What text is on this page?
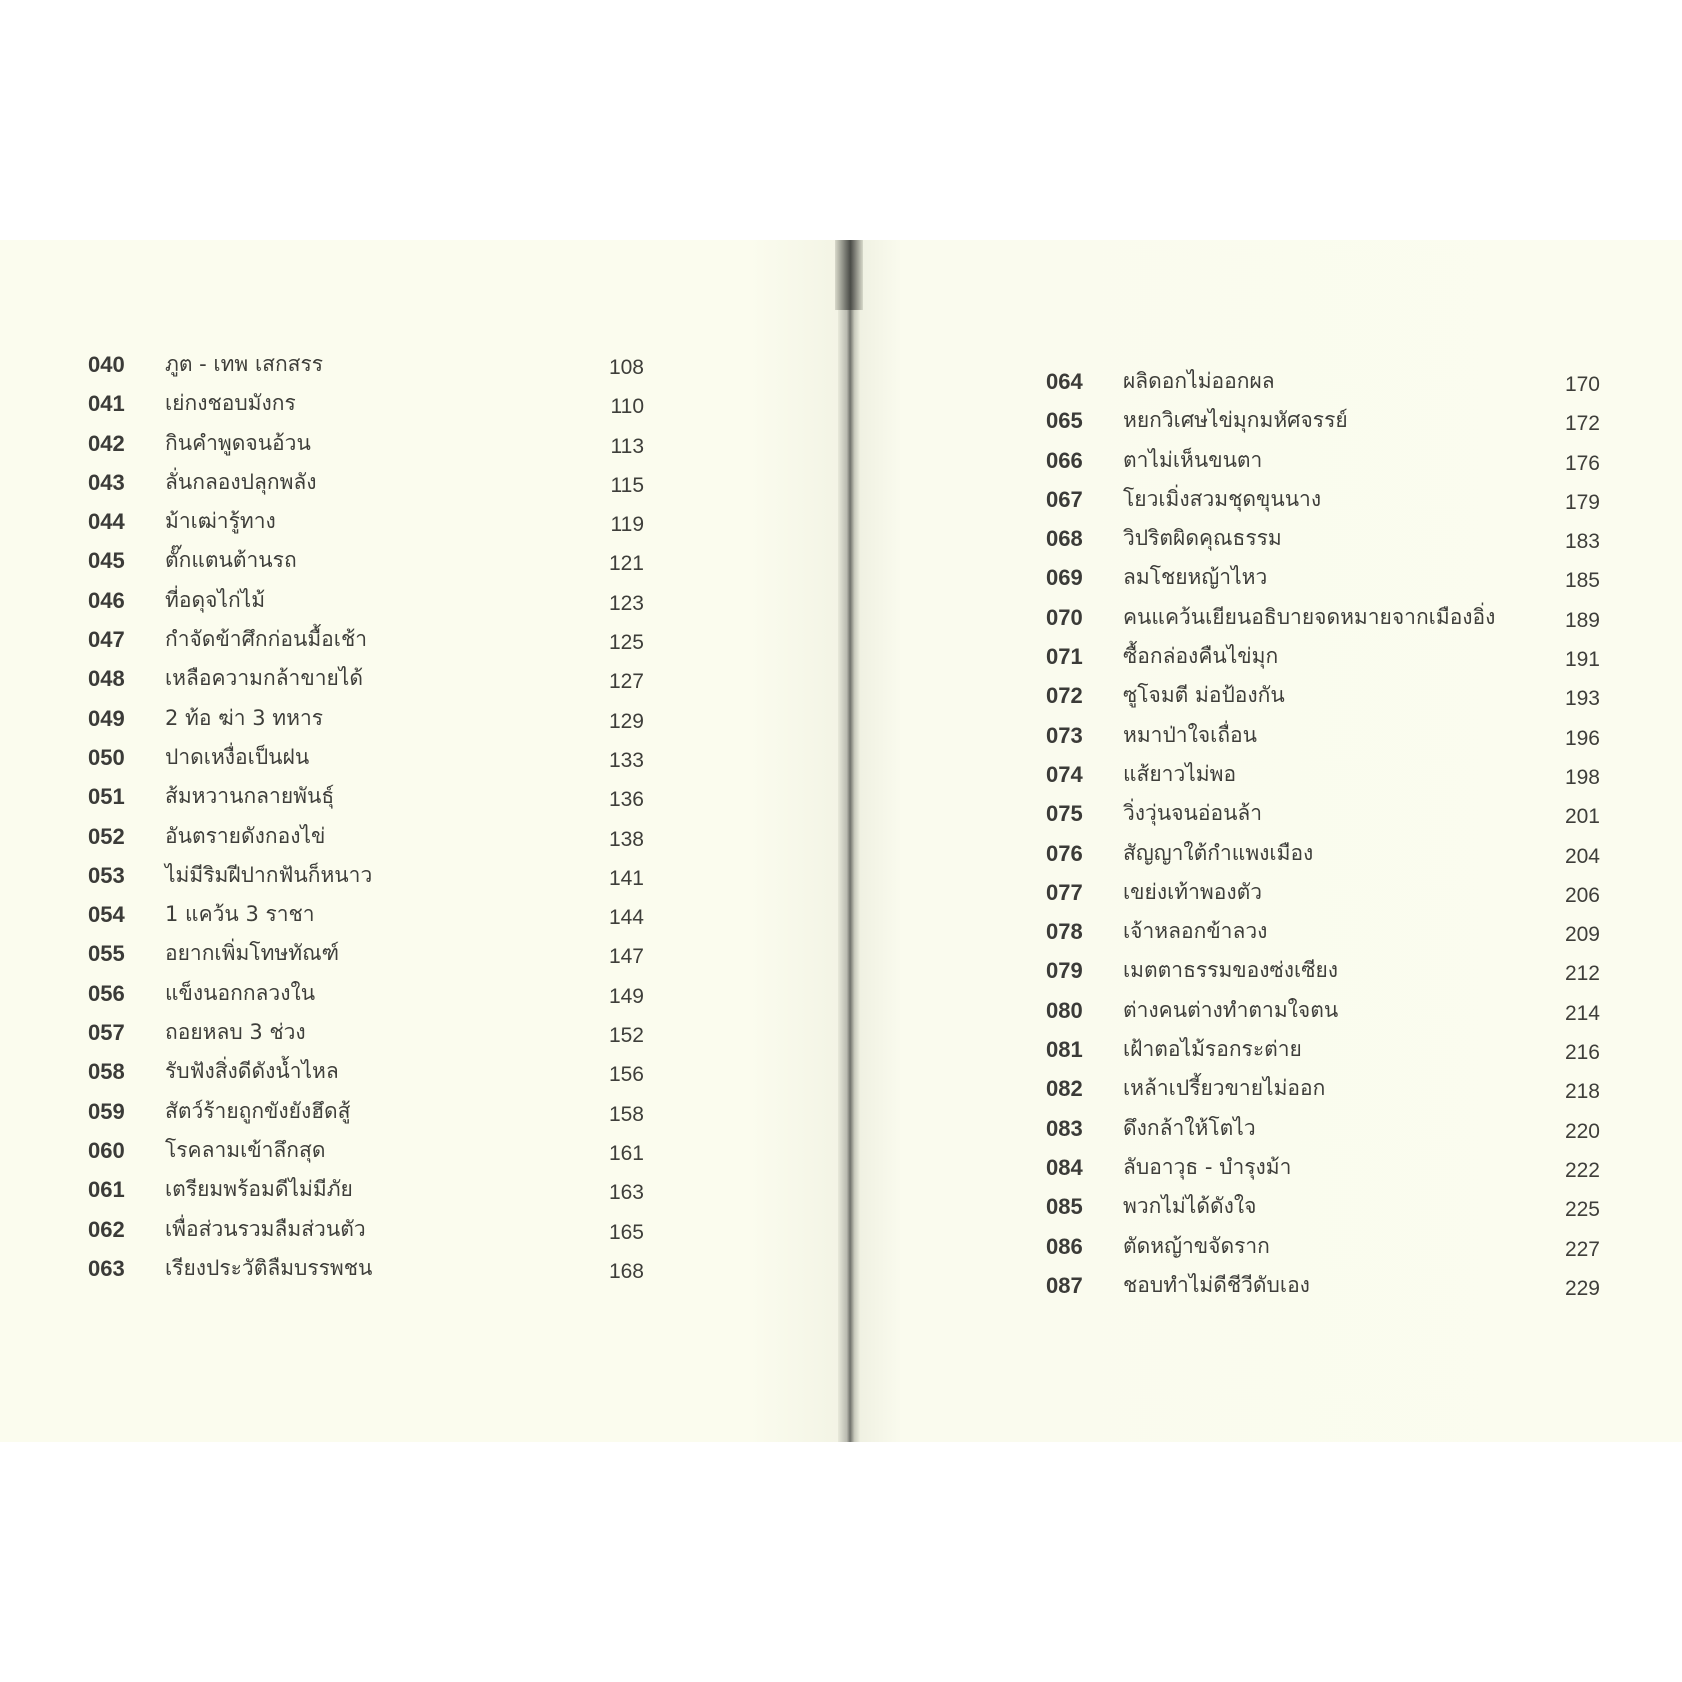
040 ภูต - เทพ เสกสรร	108
041 เย่กงชอบมังกร	110
042 กินคำพูดจนอ้วน	113
043 ลั่นกลองปลุกพลัง	115
044 ม้าเฒ่ารู้ทาง	119
045 ตั๊กแตนต้านรถ	121
046 ที่อดุจไก่ไม้	123
047 กำจัดข้าศึกก่อนมื้อเช้า	125
048 เหลือความกล้าขายได้	127
049 2 ท้อ ฆ่า 3 ทหาร	129
050 ปาดเหงื่อเป็นฝน	133
051 ส้มหวานกลายพันธุ์	136
052 อันตรายดังกองไข่	138
053 ไม่มีริมฝีปากฟันก็หนาว	141
054 1 แคว้น 3 ราชา	144
055 อยากเพิ่มโทษทัณฑ์	147
056 แข็งนอกกลวงใน	149
057 ถอยหลบ 3 ช่วง	152
058 รับฟังสิ่งดีดังน้ำไหล	156
059 สัตว์ร้ายถูกขังยังฮึดสู้	158
060 โรคลามเข้าลึกสุด	161
061 เตรียมพร้อมดีไม่มีภัย	163
062 เพื่อส่วนรวมลืมส่วนตัว	165
063 เรียงประวัติลืมบรรพชน	168
064 ผลิดอกไม่ออกผล	170
065 หยกวิเศษไข่มุกมหัศจรรย์	172
066 ตาไม่เห็นขนตา	176
067 โยวเมิ่งสวมชุดขุนนาง	179
068 วิปริตผิดคุณธรรม	183
069 ลมโชยหญ้าไหว	185
070 คนแคว้นเยียนอธิบายจดหมายจากเมืองอิ่ง	189
071 ซื้อกล่องคืนไข่มุก	191
072 ซูโจมตี ม่อป้องกัน	193
073 หมาป่าใจเถื่อน	196
074 แส้ยาวไม่พอ	198
075 วิ่งวุ่นจนอ่อนล้า	201
076 สัญญาใต้กำแพงเมือง	204
077 เขย่งเท้าพองตัว	206
078 เจ้าหลอกข้าลวง	209
079 เมตตาธรรมของซ่งเซียง	212
080 ต่างคนต่างทำตามใจตน	214
081 เฝ้าตอไม้รอกระต่าย	216
082 เหล้าเปรี้ยวขายไม่ออก	218
083 ดึงกล้าให้โตไว	220
084 ลับอาวุธ - บำรุงม้า	222
085 พวกไม่ได้ดังใจ	225
086 ตัดหญ้าขจัดราก	227
087 ชอบทำไม่ดีชีวีดับเอง	229
